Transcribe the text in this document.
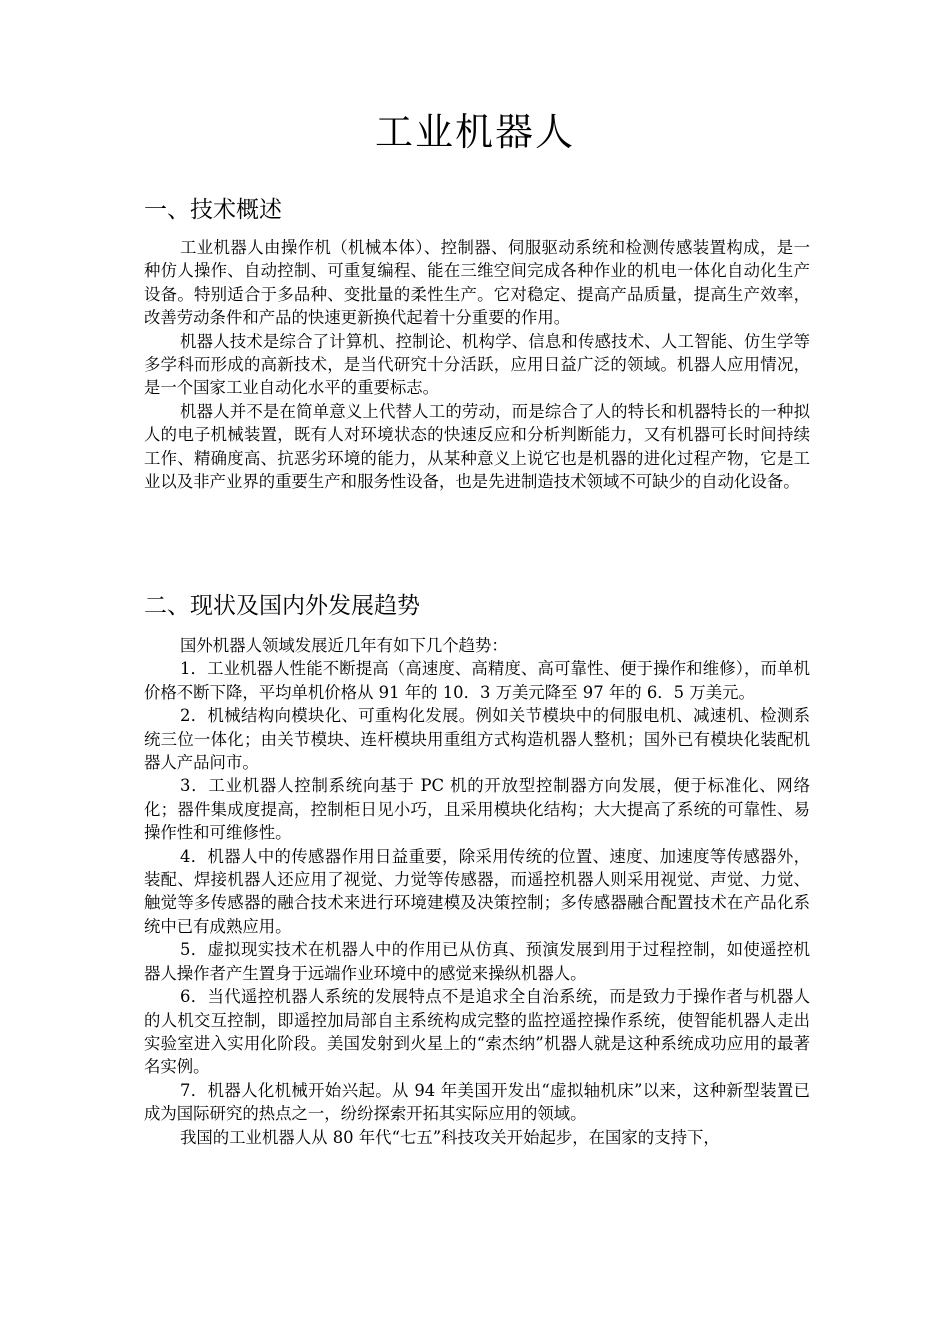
工业机器人
一、技术概述

工业机器人由操作机（机械本体）、控制器、伺服驱动系统和检测传感装置构成，是一种仿人操作、自动控制、可重复编程、能在三维空间完成各种作业的机电一体化自动化生产设备。特别适合于多品种、变批量的柔性生产。它对稳定、提高产品质量，提高生产效率，改善劳动条件和产品的快速更新换代起着十分重要的作用。

机器人技术是综合了计算机、控制论、机构学、信息和传感技术、人工智能、仿生学等多学科而形成的高新技术，是当代研究十分活跃，应用日益广泛的领域。机器人应用情况，是一个国家工业自动化水平的重要标志。

机器人并不是在简单意义上代替人工的劳动，而是综合了人的特长和机器特长的一种拟人的电子机械装置，既有人对环境状态的快速反应和分析判断能力，又有机器可长时间持续工作、精确度高、抗恶劣环境的能力，从某种意义上说它也是机器的进化过程产物，它是工业以及非产业界的重要生产和服务性设备，也是先进制造技术领域不可缺少的自动化设备。

二、现状及国内外发展趋势

国外机器人领域发展近几年有如下几个趋势：

1．工业机器人性能不断提高（高速度、高精度、高可靠性、便于操作和维修），而单机价格不断下降，平均单机价格从 91 年的 10．3 万美元降至 97 年的 6．5 万美元。

2．机械结构向模块化、可重构化发展。例如关节模块中的伺服电机、减速机、检测系统三位一体化；由关节模块、连杆模块用重组方式构造机器人整机；国外已有模块化装配机器人产品问市。

3．工业机器人控制系统向基于 PC 机的开放型控制器方向发展，便于标准化、网络化；器件集成度提高，控制柜日见小巧，且采用模块化结构；大大提高了系统的可靠性、易操作性和可维修性。

4．机器人中的传感器作用日益重要，除采用传统的位置、速度、加速度等传感器外，装配、焊接机器人还应用了视觉、力觉等传感器，而遥控机器人则采用视觉、声觉、力觉、触觉等多传感器的融合技术来进行环境建模及决策控制；多传感器融合配置技术在产品化系统中已有成熟应用。

5．虚拟现实技术在机器人中的作用已从仿真、预演发展到用于过程控制，如使遥控机器人操作者产生置身于远端作业环境中的感觉来操纵机器人。

6．当代遥控机器人系统的发展特点不是追求全自治系统，而是致力于操作者与机器人的人机交互控制，即遥控加局部自主系统构成完整的监控遥控操作系统，使智能机器人走出实验室进入实用化阶段。美国发射到火星上的“索杰纳”机器人就是这种系统成功应用的最著名实例。

7．机器人化机械开始兴起。从 94 年美国开发出“虚拟轴机床”以来，这种新型装置已成为国际研究的热点之一，纷纷探索开拓其实际应用的领域。

我国的工业机器人从 80 年代“七五”科技攻关开始起步，在国家的支持下，
